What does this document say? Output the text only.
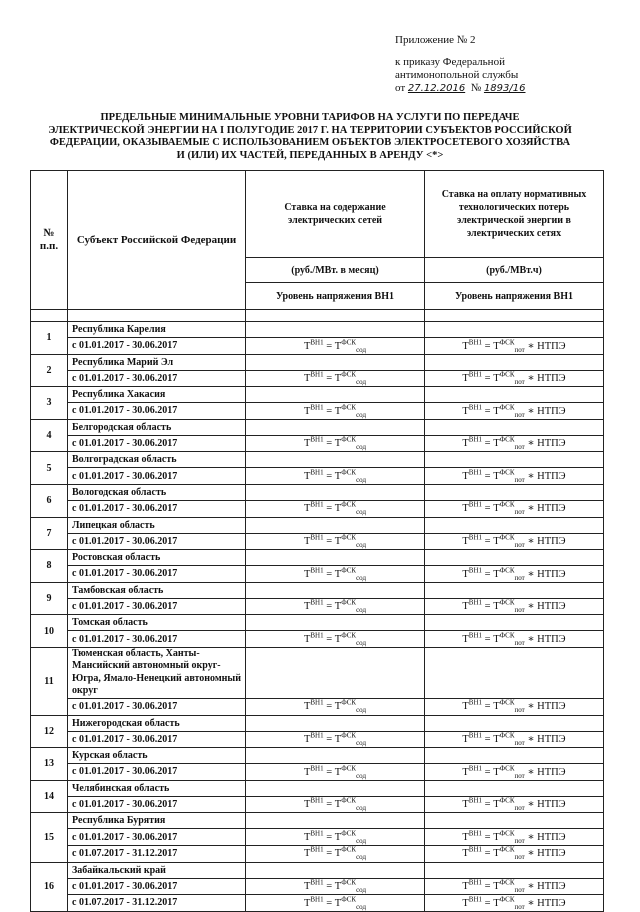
Приложение № 2
к приказу Федеральной
антимонопольной службы
от 27.12.2016 № 1893/16
ПРЕДЕЛЬНЫЕ МИНИМАЛЬНЫЕ УРОВНИ ТАРИФОВ НА УСЛУГИ ПО ПЕРЕДАЧЕ
ЭЛЕКТРИЧЕСКОЙ ЭНЕРГИИ НА I ПОЛУГОДИЕ 2017 Г. НА ТЕРРИТОРИИ СУБЪЕКТОВ РОССИЙСКОЙ
ФЕДЕРАЦИИ, ОКАЗЫВАЕМЫЕ С ИСПОЛЬЗОВАНИЕМ ОБЪЕКТОВ ЭЛЕКТРОСЕТЕВОГО ХОЗЯЙСТВА
И (ИЛИ) ИХ ЧАСТЕЙ, ПЕРЕДАННЫХ В АРЕНДУ <*>
№ п.п.	Субъект Российской Федерации	Ставка на содержание электрических сетей	Ставка на оплату нормативных технологических потерь электрической энергии в электрических сетях
		(руб./МВт. в месяц)	(руб./МВт.ч)
		Уровень напряжения ВН1	Уровень напряжения ВН1

1	Республика Карелия		
	с 01.01.2017 - 30.06.2017	$T^{ВН1} = T^{ФСК}_{сод}$	$T^{ВН1} = T^{ФСК}_{пот}$ ∗ НТПЭ
2	Республика Марий Эл		
	с 01.01.2017 - 30.06.2017	$T^{ВН1} = T^{ФСК}_{сод}$	$T^{ВН1} = T^{ФСК}_{пот}$ ∗ НТПЭ
3	Республика Хакасия		
	с 01.01.2017 - 30.06.2017	$T^{ВН1} = T^{ФСК}_{сод}$	$T^{ВН1} = T^{ФСК}_{пот}$ ∗ НТПЭ
4	Белгородская область		
	с 01.01.2017 - 30.06.2017	$T^{ВН1} = T^{ФСК}_{сод}$	$T^{ВН1} = T^{ФСК}_{пот}$ ∗ НТПЭ
5	Волгоградская область		
	с 01.01.2017 - 30.06.2017	$T^{ВН1} = T^{ФСК}_{сод}$	$T^{ВН1} = T^{ФСК}_{пот}$ ∗ НТПЭ
6	Вологодская область		
	с 01.01.2017 - 30.06.2017	$T^{ВН1} = T^{ФСК}_{сод}$	$T^{ВН1} = T^{ФСК}_{пот}$ ∗ НТПЭ
7	Липецкая область		
	с 01.01.2017 - 30.06.2017	$T^{ВН1} = T^{ФСК}_{сод}$	$T^{ВН1} = T^{ФСК}_{пот}$ ∗ НТПЭ
8	Ростовская область		
	с 01.01.2017 - 30.06.2017	$T^{ВН1} = T^{ФСК}_{сод}$	$T^{ВН1} = T^{ФСК}_{пот}$ ∗ НТПЭ
9	Тамбовская область		
	с 01.01.2017 - 30.06.2017	$T^{ВН1} = T^{ФСК}_{сод}$	$T^{ВН1} = T^{ФСК}_{пот}$ ∗ НТПЭ
10	Томская область		
	с 01.01.2017 - 30.06.2017	$T^{ВН1} = T^{ФСК}_{сод}$	$T^{ВН1} = T^{ФСК}_{пот}$ ∗ НТПЭ
11	Тюменская область, Ханты-Мансийский автономный округ-Югра, Ямало-Ненецкий автономный округ		
	с 01.01.2017 - 30.06.2017	$T^{ВН1} = T^{ФСК}_{сод}$	$T^{ВН1} = T^{ФСК}_{пот}$ ∗ НТПЭ
12	Нижегородская область		
	с 01.01.2017 - 30.06.2017	$T^{ВН1} = T^{ФСК}_{сод}$	$T^{ВН1} = T^{ФСК}_{пот}$ ∗ НТПЭ
13	Курская область		
	с 01.01.2017 - 30.06.2017	$T^{ВН1} = T^{ФСК}_{сод}$	$T^{ВН1} = T^{ФСК}_{пот}$ ∗ НТПЭ
14	Челябинская область		
	с 01.01.2017 - 30.06.2017	$T^{ВН1} = T^{ФСК}_{сод}$	$T^{ВН1} = T^{ФСК}_{пот}$ ∗ НТПЭ
15	Республика Бурятия		
	с 01.01.2017 - 30.06.2017	$T^{ВН1} = T^{ФСК}_{сод}$	$T^{ВН1} = T^{ФСК}_{пот}$ ∗ НТПЭ
	с 01.07.2017 - 31.12.2017	$T^{ВН1} = T^{ФСК}_{сод}$	$T^{ВН1} = T^{ФСК}_{пот}$ ∗ НТПЭ
16	Забайкальский край		
	с 01.01.2017 - 30.06.2017	$T^{ВН1} = T^{ФСК}_{сод}$	$T^{ВН1} = T^{ФСК}_{пот}$ ∗ НТПЭ
	с 01.07.2017 - 31.12.2017	$T^{ВН1} = T^{ФСК}_{сод}$	$T^{ВН1} = T^{ФСК}_{пот}$ ∗ НТПЭ
